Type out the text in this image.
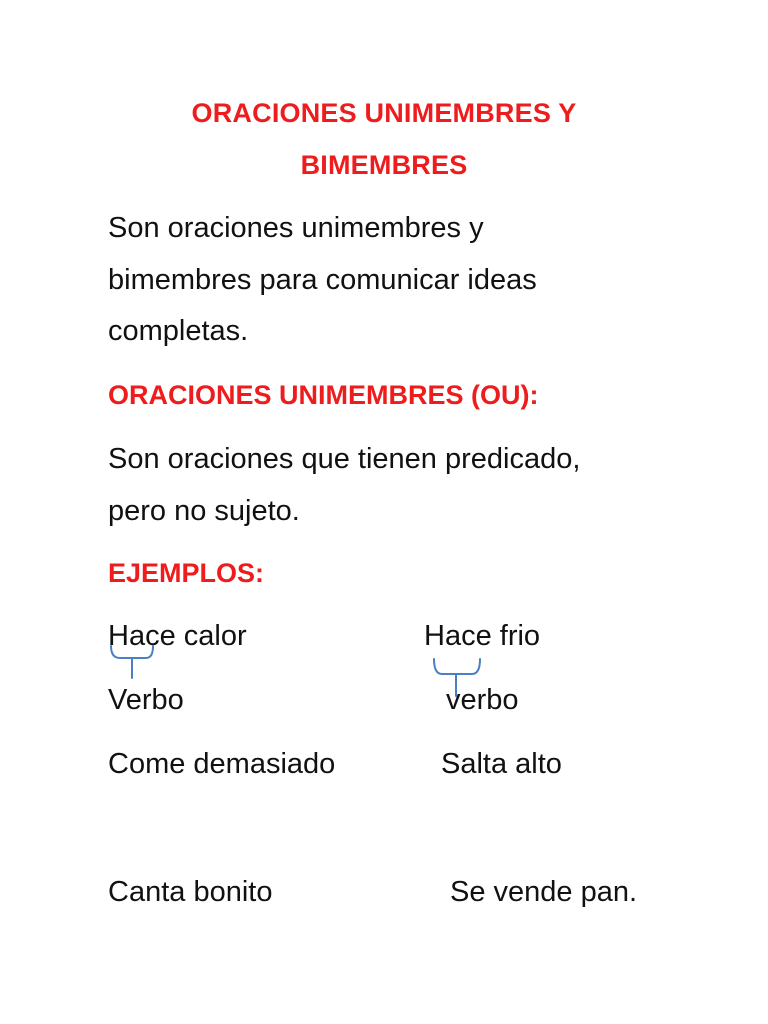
ORACIONES UNIMEMBRES Y
BIMEMBRES
Son oraciones unimembres y
bimembres para comunicar ideas
completas.
ORACIONES UNIMEMBRES (OU):
Son oraciones que tienen predicado,
pero no sujeto.
EJEMPLOS:
Hace calor	Hace frio
Verbo	verbo
Come demasiado	Salta alto
Canta bonito	Se vende pan.
